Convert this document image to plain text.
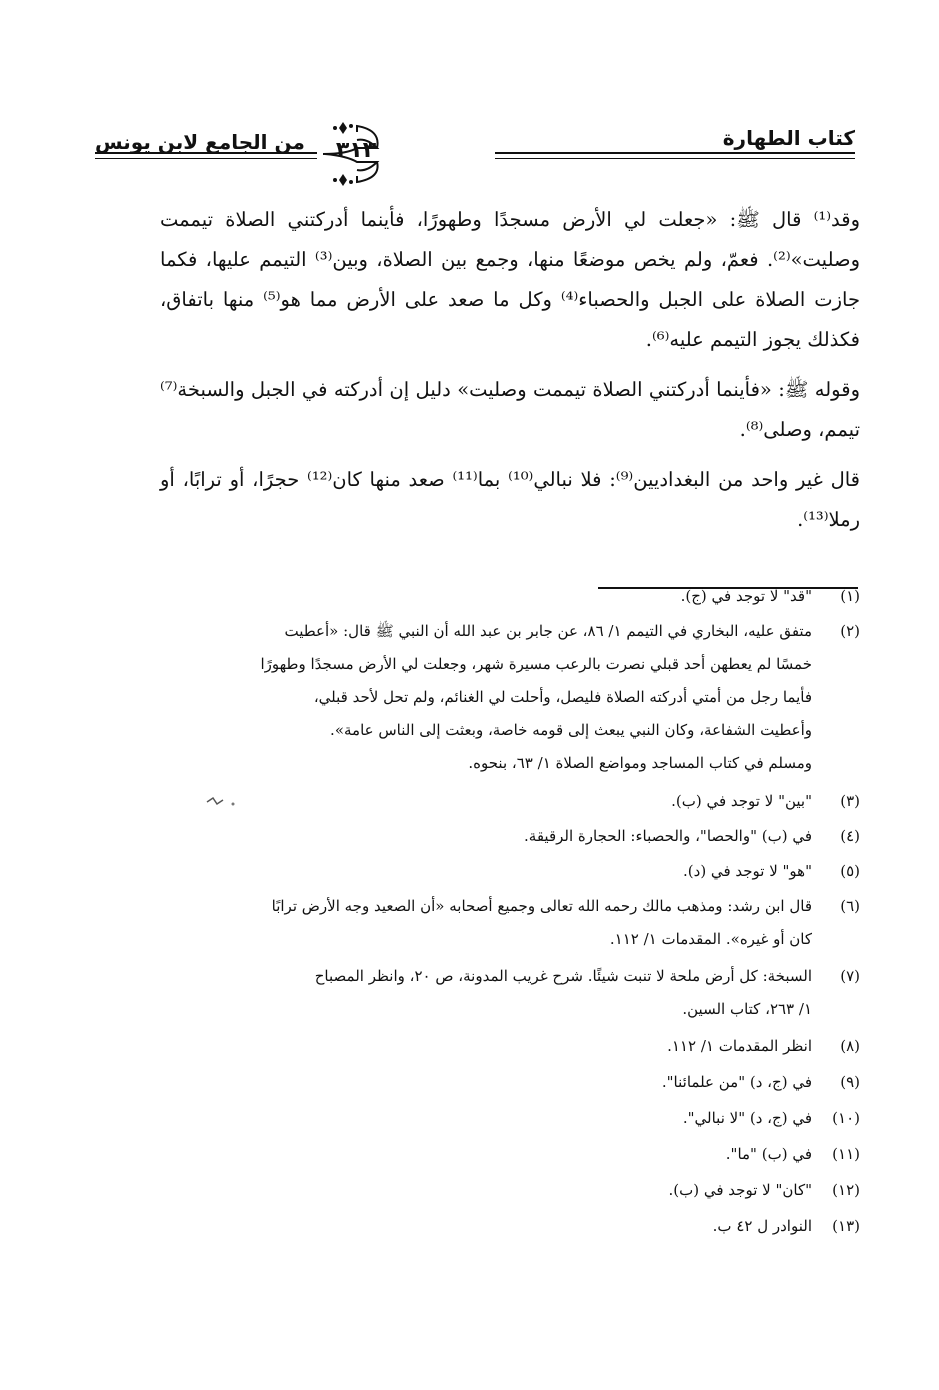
كتاب الطهارة
من الجامع لابن يونس	٣١٣

وقد⁽¹⁾ قال ﷺ: «جعلت لي الأرض مسجدًا وطهورًا، فأينما أدركتني الصلاة تيممت وصليت»⁽²⁾. فعمّ، ولم يخص موضعًا منها، وجمع بين الصلاة، وبين⁽³⁾ التيمم عليها، فكما جازت الصلاة على الجبل والحصباء⁽⁴⁾ وكل ما صعد على الأرض مما هو⁽⁵⁾ منها باتفاق، فكذلك يجوز التيمم عليه⁽⁶⁾.

وقوله ﷺ: «فأينما أدركتني الصلاة تيممت وصليت» دليل إن أدركته في الجبل والسبخة⁽⁷⁾ تيمم، وصلى⁽⁸⁾.

قال غير واحد من البغداديين⁽⁹⁾: فلا نبالي⁽¹⁰⁾ بما⁽¹¹⁾ صعد منها كان⁽¹²⁾ حجرًا، أو ترابًا، أو رملا⁽¹³⁾.

(١)"قد" لا توجد في (ج).
(٢)متفق عليه، البخاري في التيمم ١/ ٨٦، عن جابر بن عبد الله أن النبي ﷺ قال: «أعطيت
خمسًا لم يعطهن أحد قبلي نصرت بالرعب مسيرة شهر، وجعلت لي الأرض مسجدًا وطهورًا
فأيما رجل من أمتي أدركته الصلاة فليصل، وأحلت لي الغنائم، ولم تحل لأحد قبلي،
وأعطيت الشفاعة، وكان النبي يبعث إلى قومه خاصة، وبعثت إلى الناس عامة».
ومسلم في كتاب المساجد ومواضع الصلاة ١/ ٦٣، بنحوه.
(٣)"بين" لا توجد في (ب).
(٤)في (ب) "والحصا"، والحصباء: الحجارة الرقيقة.
(٥)"هو" لا توجد في (د).
(٦)قال ابن رشد: ومذهب مالك رحمه الله تعالى وجميع أصحابه «أن الصعيد وجه الأرض ترابًا
كان أو غيره». المقدمات ١/ ١١٢.
(٧)السبخة: كل أرض ملحة لا تنبت شيئًا. شرح غريب المدونة، ص ٢٠، وانظر المصباح
١/ ٢٦٣، كتاب السين.
(٨)انظر المقدمات ١/ ١١٢.
(٩)في (ج، د) "من علمائنا".
(١٠)في (ج، د) "لا نبالي".
(١١)في (ب) "ما".
(١٢)"كان" لا توجد في (ب).
(١٣)النوادر ل ٤٢ ب.
